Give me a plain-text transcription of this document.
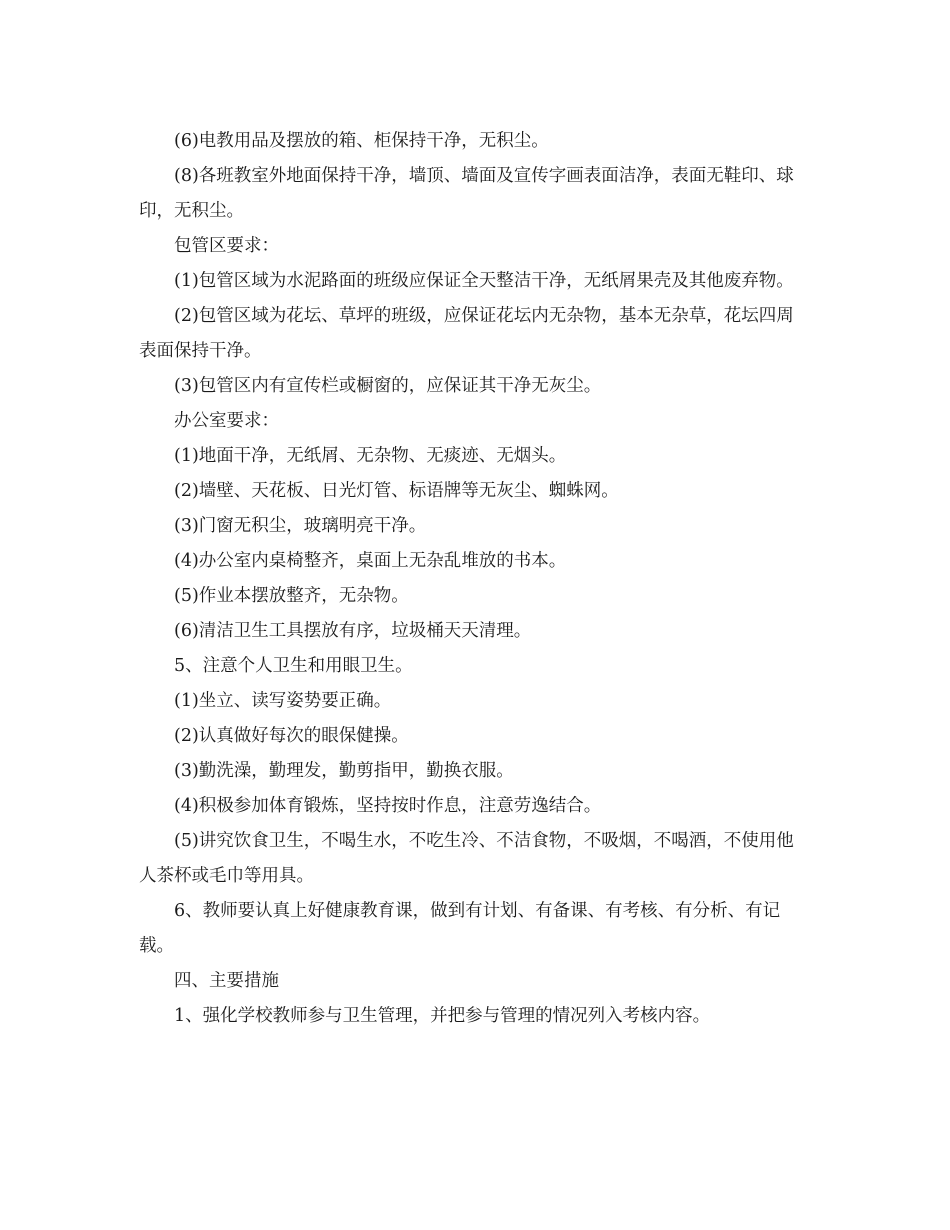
(6)电教用品及摆放的箱、柜保持干净，无积尘。

(8)各班教室外地面保持干净，墙顶、墙面及宣传字画表面洁净，表面无鞋印、球印，无积尘。

包管区要求：

(1)包管区域为水泥路面的班级应保证全天整洁干净，无纸屑果壳及其他废弃物。

(2)包管区域为花坛、草坪的班级，应保证花坛内无杂物，基本无杂草，花坛四周表面保持干净。

(3)包管区内有宣传栏或橱窗的，应保证其干净无灰尘。

办公室要求：

(1)地面干净，无纸屑、无杂物、无痰迹、无烟头。

(2)墙壁、天花板、日光灯管、标语牌等无灰尘、蜘蛛网。

(3)门窗无积尘，玻璃明亮干净。

(4)办公室内桌椅整齐，桌面上无杂乱堆放的书本。

(5)作业本摆放整齐，无杂物。

(6)清洁卫生工具摆放有序，垃圾桶天天清理。

5、注意个人卫生和用眼卫生。

(1)坐立、读写姿势要正确。

(2)认真做好每次的眼保健操。

(3)勤洗澡，勤理发，勤剪指甲，勤换衣服。

(4)积极参加体育锻炼，坚持按时作息，注意劳逸结合。

(5)讲究饮食卫生，不喝生水，不吃生冷、不洁食物，不吸烟，不喝酒，不使用他人茶杯或毛巾等用具。

6、教师要认真上好健康教育课，做到有计划、有备课、有考核、有分析、有记载。

四、主要措施

1、强化学校教师参与卫生管理，并把参与管理的情况列入考核内容。
